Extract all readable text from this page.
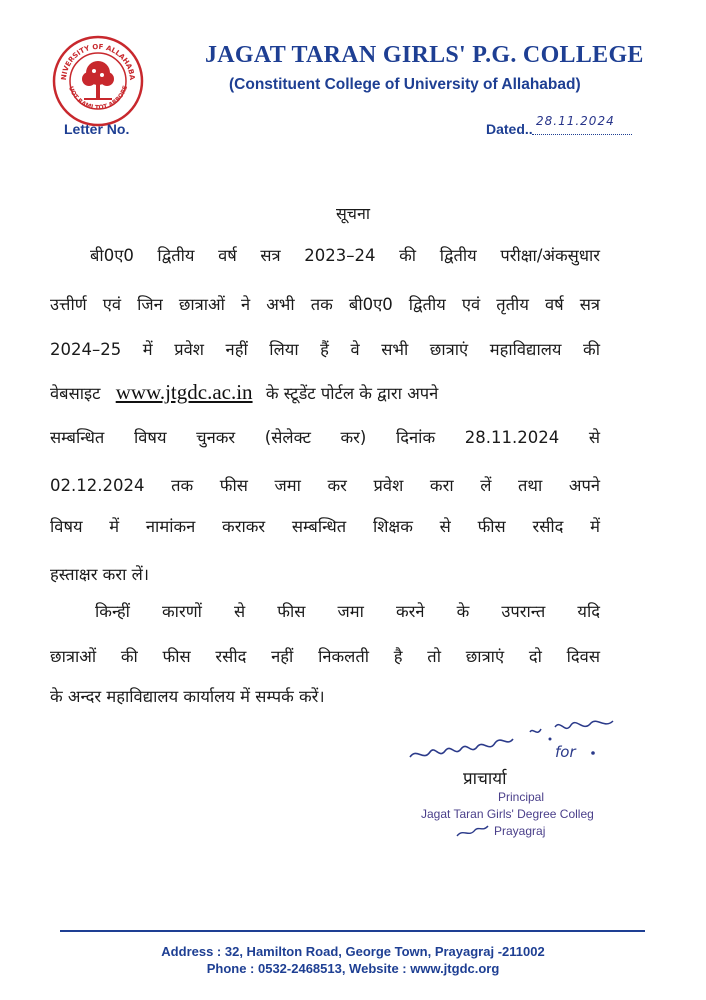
NIVERSITY OF ALLAHABA
UOT RAMI TOT ARBORE
JAGAT TARAN GIRLS' P.G. COLLEGE
(Constituent College of University of Allahabad)
Letter No.	Dated.. 28.11.2024
सूचना
बी0ए0 द्वितीय वर्ष सत्र 2023–24 की द्वितीय परीक्षा/अंकसुधार
उत्तीर्ण एवं जिन छात्राओं ने अभी तक बी0ए0 द्वितीय एवं तृतीय वर्ष सत्र
2024–25 में प्रवेश नहीं लिया हैं वे सभी छात्राएं महाविद्यालय की
वेबसाइट www.jtgdc.ac.in के स्टूडेंट पोर्टल के द्वारा अपने
सम्बन्धित विषय चुनकर (सेलेक्ट कर) दिनांक 28.11.2024 से
02.12.2024 तक फीस जमा कर प्रवेश करा लें तथा अपने
विषय में नामांकन कराकर सम्बन्धित शिक्षक से फीस रसीद में
हस्ताक्षर करा लें।
किन्हीं कारणों से फीस जमा करने के उपरान्त यदि
छात्राओं की फीस रसीद नहीं निकलती है तो छात्राएं दो दिवस
के अन्दर महाविद्यालय कार्यालय में सम्पर्क करें।
for
प्राचार्या
Principal
Jagat Taran Girls' Degree Colleg
Prayagraj
Address : 32, Hamilton Road, George Town, Prayagraj -211002
Phone : 0532-2468513, Website : www.jtgdc.org
